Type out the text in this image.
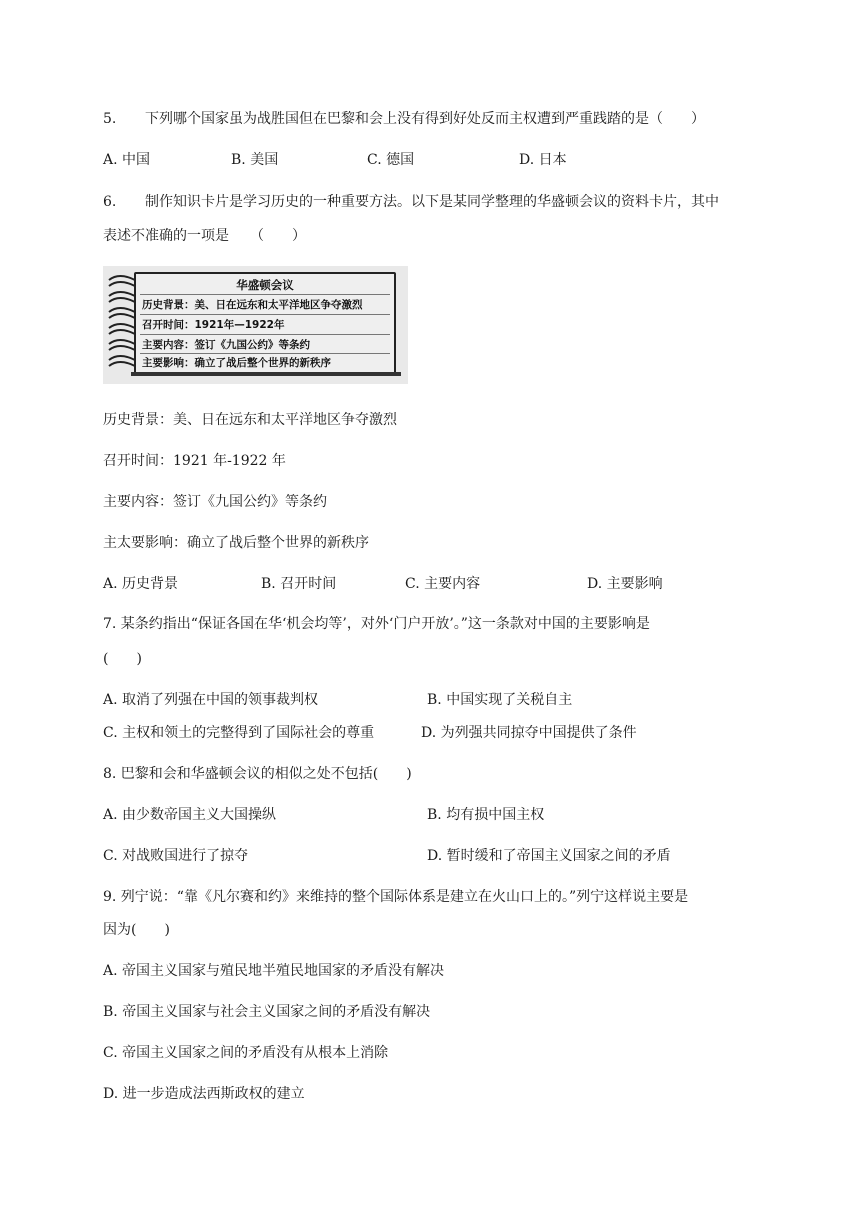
5. 下列哪个国家虽为战胜国但在巴黎和会上没有得到好处反而主权遭到严重践踏的是（　　）
A. 中国	B. 美国	C. 德国	D. 日本
6. 制作知识卡片是学习历史的一种重要方法。以下是某同学整理的华盛顿会议的资料卡片，其中
表述不准确的一项是　　（　　）
华盛顿会议
历史背景：美、日在远东和太平洋地区争夺激烈
召开时间：1921年—1922年
主要内容：签订《九国公约》等条约
主要影响：确立了战后整个世界的新秩序
历史背景：美、日在远东和太平洋地区争夺激烈
召开时间：1921 年-1922 年
主要内容：签订《九国公约》等条约
主太要影响：确立了战后整个世界的新秩序
A. 历史背景	B. 召开时间	C. 主要内容	D. 主要影响
7. 某条约指出“保证各国在华‘机会均等’，对外‘门户开放’。”这一条款对中国的主要影响是
(　　)
A. 取消了列强在中国的领事裁判权	B. 中国实现了关税自主
C. 主权和领土的完整得到了国际社会的尊重	D. 为列强共同掠夺中国提供了条件
8. 巴黎和会和华盛顿会议的相似之处不包括(　　)
A. 由少数帝国主义大国操纵	B. 均有损中国主权
C. 对战败国进行了掠夺	D. 暂时缓和了帝国主义国家之间的矛盾
9. 列宁说：“靠《凡尔赛和约》来维持的整个国际体系是建立在火山口上的。”列宁这样说主要是
因为(　　)
A. 帝国主义国家与殖民地半殖民地国家的矛盾没有解决
B. 帝国主义国家与社会主义国家之间的矛盾没有解决
C. 帝国主义国家之间的矛盾没有从根本上消除
D. 进一步造成法西斯政权的建立
